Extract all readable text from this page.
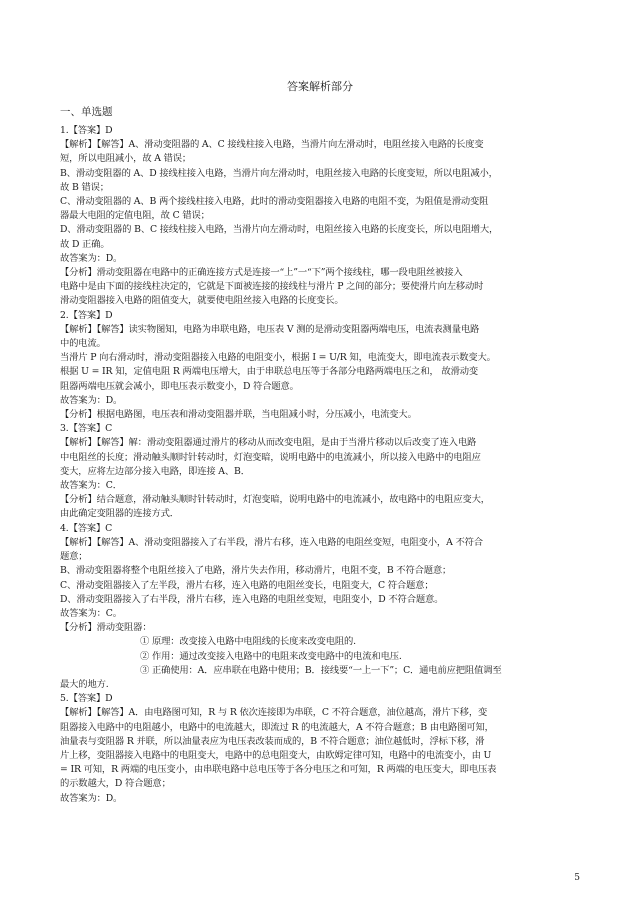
答案解析部分
一、单选题

1.【答案】D

【解析】【解答】A、滑动变阻器的 A、C 接线柱接入电路，当滑片向左滑动时，电阻丝接入电路的长度变

短，所以电阻减小，故 A 错误；

B、滑动变阻器的 A、D 接线柱接入电路，当滑片向左滑动时，电阻丝接入电路的长度变短，所以电阻减小，

故 B 错误；

C、滑动变阻器的 A、B 两个接线柱接入电路，此时的滑动变阻器接入电路的电阻不变，为阻值是滑动变阻

器最大电阻的定值电阻，故 C 错误；

D、滑动变阻器的 B、C 接线柱接入电路，当滑片向左滑动时，电阻丝接入电路的长度变长，所以电阻增大，

故 D 正确。

故答案为：D。

【分析】滑动变阻器在电路中的正确连接方式是连接一“上”一“下”两个接线柱，哪一段电阻丝被接入

电路中是由下面的接线柱决定的，它就是下面被连接的接线柱与滑片 P 之间的部分；要使滑片向左移动时

滑动变阻器接入电路的阻值变大，就要使电阻丝接入电路的长度变长。

2.【答案】D

【解析】【解答】读实物图知，电路为串联电路，电压表 V 测的是滑动变阻器两端电压，电流表测量电路

中的电流。

当滑片 P 向右滑动时，滑动变阻器接入电路的电阻变小，根据 I = U/R 知，电流变大，即电流表示数变大。

根据 U = IR 知，定值电阻 R 两端电压增大，由于串联总电压等于各部分电路两端电压之和， 故滑动变

阻器两端电压就会减小，即电压表示数变小，D 符合题意。

故答案为：D。

【分析】根据电路图，电压表和滑动变阻器并联，当电阻减小时，分压减小，电流变大。

3.【答案】C

【解析】【解答】解：滑动变阻器通过滑片的移动从而改变电阻，是由于当滑片移动以后改变了连入电路

中电阻丝的长度；滑动触头顺时针转动时，灯泡变暗，说明电路中的电流减小，所以接入电路中的电阻应

变大，应将左边部分接入电路，即连接 A、B．

故答案为：C．

【分析】结合题意，滑动触头顺时针转动时，灯泡变暗，说明电路中的电流减小，故电路中的电阻应变大，

由此确定变阻器的连接方式．

4.【答案】C

【解析】【解答】A、滑动变阻器接入了右半段，滑片右移，连入电路的电阻丝变短，电阻变小，A 不符合

题意；

B、滑动变阻器将整个电阻丝接入了电路，滑片失去作用，移动滑片，电阻不变，B 不符合题意；

C、滑动变阻器接入了左半段，滑片右移，连入电路的电阻丝变长，电阻变大，C 符合题意；

D、滑动变阻器接入了右半段，滑片右移，连入电路的电阻丝变短，电阻变小，D 不符合题意。

故答案为：C。

【分析】滑动变阻器：

① 原理：改变接入电路中电阻线的长度来改变电阻的.

② 作用：通过改变接入电路中的电阻来改变电路中的电流和电压.

③ 正确使用：A．应串联在电路中使用；B．接线要“一上一下”；C．通电前应把阻值调至

最大的地方.

5.【答案】D

【解析】【解答】A．由电路图可知，R 与 R 依次连接即为串联，C 不符合题意，油位越高，滑片下移，变

阻器接入电路中的电阻越小，电路中的电流越大，即流过 R 的电流越大，A 不符合题意；B 由电路图可知，

油量表与变阻器 R 并联，所以油量表应为电压表改装而成的，B 不符合题意；油位越低时，浮标下移，滑

片上移，变阻器接入电路中的电阻变大，电路中的总电阻变大，由欧姆定律可知，电路中的电流变小，由 U

= IR 可知，R 两端的电压变小，由串联电路中总电压等于各分电压之和可知，R 两端的电压变大，即电压表

的示数越大，D 符合题意；

故答案为：D。

5
